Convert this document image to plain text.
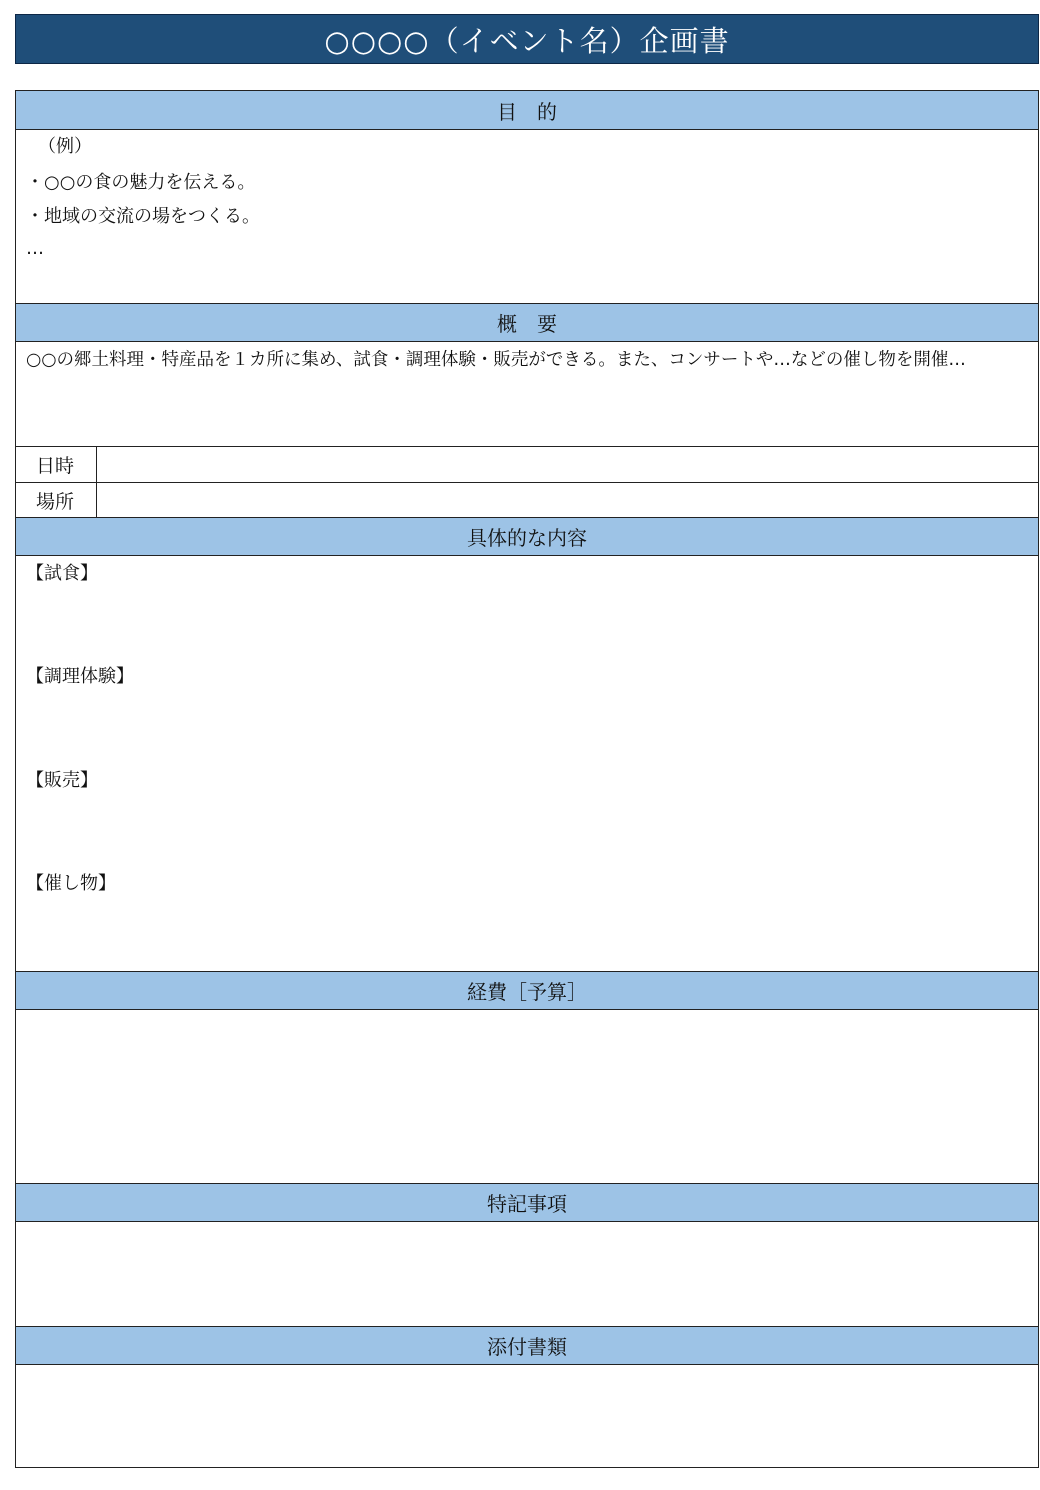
○○○○（イベント名）企画書
目　的
（例）
・○○の食の魅力を伝える。
・地域の交流の場をつくる。
…
概　要
○○の郷土料理・特産品を１カ所に集め、試食・調理体験・販売ができる。また、コンサートや…などの催し物を開催…
日時
場所
具体的な内容
【試食】
【調理体験】
【販売】
【催し物】
経費［予算］
特記事項
添付書類
